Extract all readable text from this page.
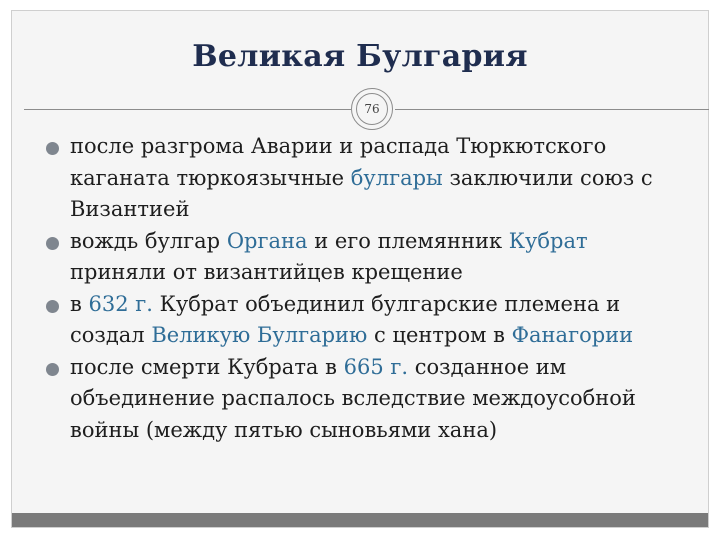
Великая Булгария
76
после разгрома Аварии и распада Тюркютского каганата тюркоязычные булгары заключили союз с Византией
вождь булгар Органа и его племянник Кубрат приняли от византийцев крещение
в 632 г. Кубрат объединил булгарские племена и создал Великую Булгарию с центром в Фанагории
после смерти Кубрата в 665 г. созданное им объединение распалось вследствие междоусобной войны (между пятью сыновьями хана)
